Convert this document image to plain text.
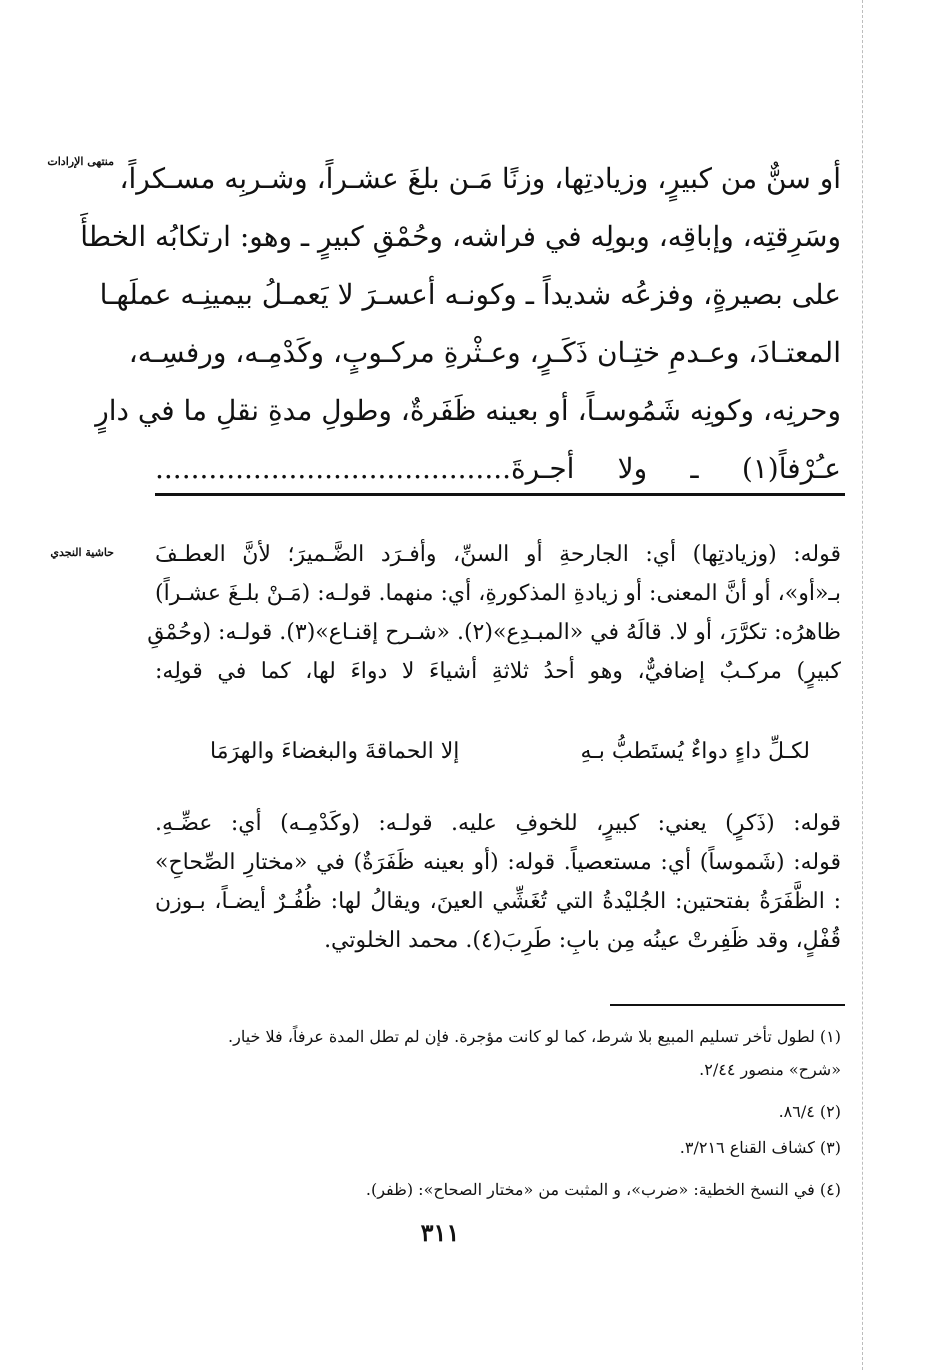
منتهى الإرادات
حاشية النجدي
أو سنٌّ من كبيرٍ، وزيادتِها، وزنًا مَـن بلغَ عشـراً، وشـربِه مسـكراً،
وسَرِقتِه، وإباقِه، وبولِه في فراشه، وحُمْقِ كبيرٍ ـ وهو: ارتكابُه الخطأَ
على بصيرةٍ، وفزعُه شديداً ـ وكونـه أعسـرَ لا يَعمـلُ بيمينِـه عملَهـا
المعتـادَ، وعـدمِ ختِـان ذَكَـرٍ، وعـثْرةِ مركـوبٍ، وكَدْمِـه، ورفسِـه،
وحرنِه، وكونِه شَمُوسـاً، أو بعينه ظَفَرةٌ، وطولِ مدةِ نقلِ ما في دارٍ
عـُرْفاً(١) ـ ولا أجـرةَ........................................
قوله: (وزيادتِها) أي: الجارحةِ أو السنِّ، وأفـرَد الضَّـميرَ؛ لأنَّ العطـفَ
بـ«أو»، أو أنَّ المعنى: أو زيادةِ المذكورةِ، أي: منهما. قولـه: (مَـنْ بلـغَ عشـراً)
ظاهرُه: تكرَّرَ، أو لا. قالَهُ في «المبـدِع»(٢). «شـرح إقنـاع»(٣). قولـه: (وحُمْقِ
كبيرٍ) مركـبٌ إضافيٌّ، وهو أحدُ ثلاثةِ أشياءَ لا دواءَ لها، كما في قولِه:
لكـلِّ داءٍ دواءٌ يُستَطبُّ بـهِ
إلا الحماقةَ والبغضاءَ والهرَمَا
قوله: (ذَكرٍ) يعني: كبيرٍ، للخوفِ عليه. قولـه: (وكَدْمِـه) أي: عضِّـهِ.
قوله: (شَموساً) أي: مستعصياً. قوله: (أو بعينه ظَفَرَةٌ) في «مختارِ الصِّحاحِ»
: الظَّفَرَةُ بفتحتين: الجُليْدةُ التي تُغَشِّي العينَ، ويقالُ لها: ظُفُـرٌ أيضـاً، بـوزن
قُفْلٍ، وقد ظَفِرتْ عينُه مِن بابِ: طَرِبَ(٤). محمد الخلوتي.
(١) لطول تأخر تسليم المبيع بلا شرط، كما لو كانت مؤجرة. فإن لم تطل المدة عرفاً، فلا خيار.
«شرح» منصور ٢/٤٤.
(٢) ٨٦/٤.
(٣) كشاف القناع ٣/٢١٦.
(٤) في النسخ الخطية: «ضرب»، و المثبت من «مختار الصحاح»: (ظفر).
٣١١
